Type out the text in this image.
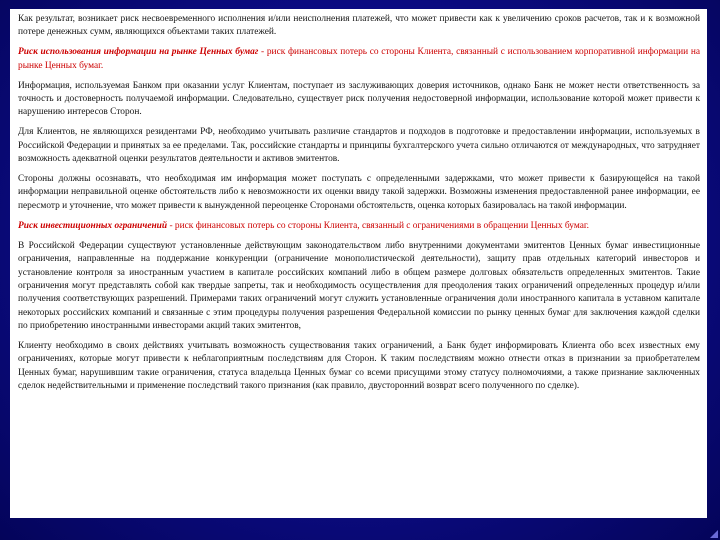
Как результат, возникает риск несвоевременного исполнения и/или неисполнения платежей, что может привести как к увеличению сроков расчетов, так и к возможной потере денежных сумм, являющихся объектами таких платежей.

Риск использования информации на рынке Ценных бумаг - риск финансовых потерь со стороны Клиента, связанный с использованием корпоративной информации на рынке Ценных бумаг.

Информация, используемая Банком при оказании услуг Клиентам, поступает из заслуживающих доверия источников, однако Банк не может нести ответственность за точность и достоверность получаемой информации. Следовательно, существует риск получения недостоверной информации, использование которой может привести к нарушению интересов Сторон.

Для Клиентов, не являющихся резидентами РФ, необходимо учитывать различие стандартов и подходов в подготовке и предоставлении информации, используемых в Российской Федерации и принятых за ее пределами. Так, российские стандарты и принципы бухгалтерского учета сильно отличаются от международных, что затрудняет возможность адекватной оценки результатов деятельности и активов эмитентов.

Стороны должны осознавать, что необходимая им информация может поступать с определенными задержками, что может привести к базирующейся на такой информации неправильной оценке обстоятельств либо к невозможности их оценки ввиду такой задержки. Возможны изменения предоставленной ранее информации, ее пересмотр и уточнение, что может привести к вынужденной переоценке Сторонами обстоятельств, оценка которых базировалась на такой информации.

Риск инвестиционных ограничений - риск финансовых потерь со стороны Клиента, связанный с ограничениями в обращении Ценных бумаг.

В Российской Федерации существуют установленные действующим законодательством либо внутренними документами эмитентов Ценных бумаг инвестиционные ограничения, направленные на поддержание конкуренции (ограничение монополистической деятельности), защиту прав отдельных категорий инвесторов и установление контроля за иностранным участием в капитале российских компаний либо в общем размере долговых обязательств определенных эмитентов. Такие ограничения могут представлять собой как твердые запреты, так и необходимость осуществления для преодоления таких ограничений определенных процедур и/или получения соответствующих разрешений. Примерами таких ограничений могут служить установленные ограничения доли иностранного капитала в уставном капитале некоторых российских компаний и связанные с этим процедуры получения разрешения Федеральной комиссии по рынку ценных бумаг для заключения каждой сделки по приобретению иностранными инвесторами акций таких эмитентов,

Клиенту необходимо в своих действиях учитывать возможность существования таких ограничений, а Банк будет информировать Клиента обо всех известных ему ограничениях, которые могут привести к неблагоприятным последствиям для Сторон. К таким последствиям можно отнести отказ в признании за приобретателем Ценных бумаг, нарушившим такие ограничения, статуса владельца Ценных бумаг со всеми присущими этому статусу полномочиями, а также признание заключенных сделок недействительными и применение последствий такого признания (как правило, двусторонний возврат всего полученного по сделке).
